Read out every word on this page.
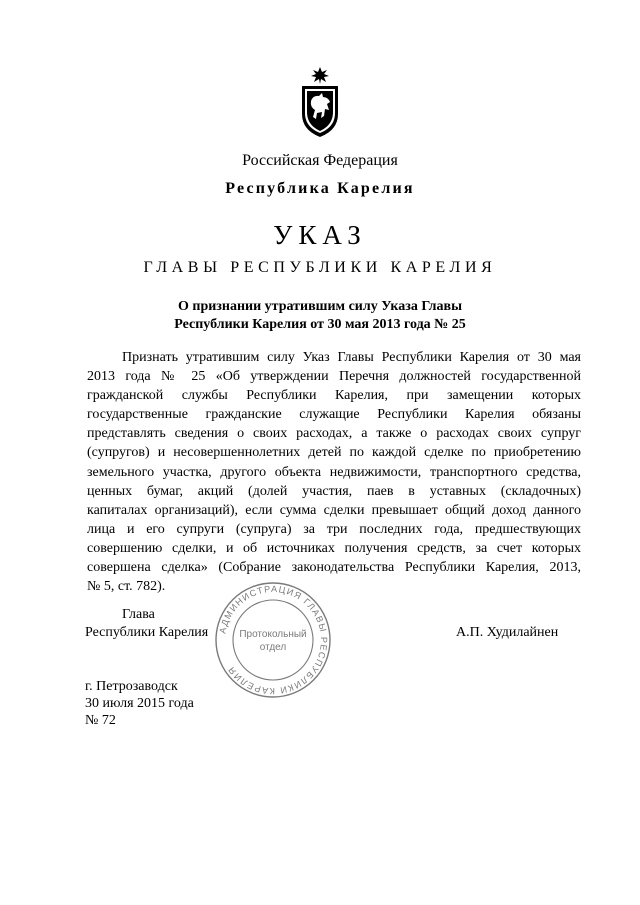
Российская Федерация
Республика Карелия
УКАЗ
ГЛАВЫ РЕСПУБЛИКИ КАРЕЛИЯ
О признании утратившим силу Указа Главы
Республики Карелия от 30 мая 2013 года № 25
Признать утратившим силу Указ Главы Республики Карелия от 30 мая
2013 года № 25 «Об утверждении Перечня должностей государственной
гражданской службы Республики Карелия, при замещении которых
государственные гражданские служащие Республики Карелия обязаны
представлять сведения о своих расходах, а также о расходах своих супруг
(супругов) и несовершеннолетних детей по каждой сделке по приобретению
земельного участка, другого объекта недвижимости, транспортного средства,
ценных бумаг, акций (долей участия, паев в уставных (складочных)
капиталах организаций), если сумма сделки превышает общий доход данного
лица и его супруги (супруга) за три последних года, предшествующих
совершению сделки, и об источниках получения средств, за счет которых
совершена сделка» (Собрание законодательства Республики Карелия, 2013,
№ 5, ст. 782).
АДМИНИСТРАЦИЯ ГЛАВЫ РЕСПУБЛИКИ КАРЕЛИЯ
Протокольный
отдел
Глава
Республики Карелия	А.П. Худилайнен
г. Петрозаводск
30 июля 2015 года
№ 72
